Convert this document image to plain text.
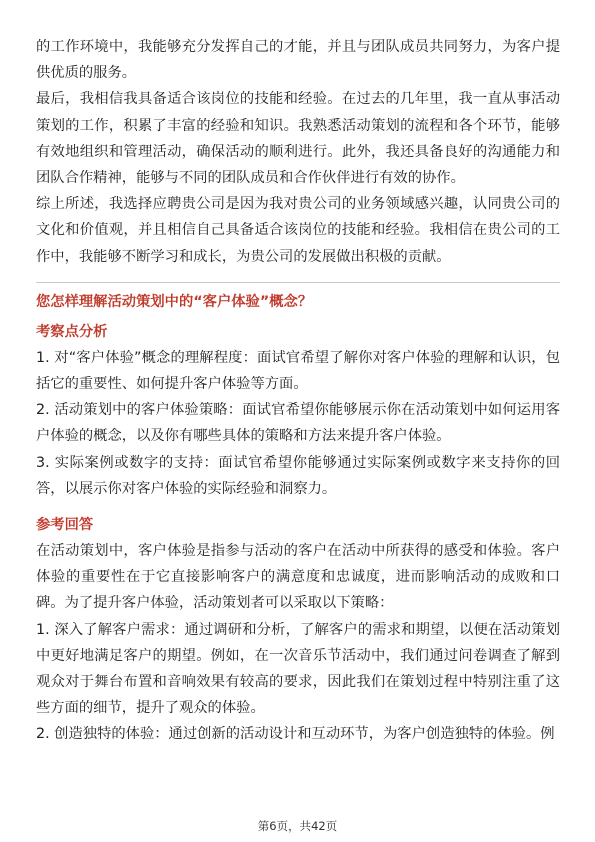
的工作环境中，我能够充分发挥自己的才能，并且与团队成员共同努力，为客户提供优质的服务。

最后，我相信我具备适合该岗位的技能和经验。在过去的几年里，我一直从事活动策划的工作，积累了丰富的经验和知识。我熟悉活动策划的流程和各个环节，能够有效地组织和管理活动，确保活动的顺利进行。此外，我还具备良好的沟通能力和团队合作精神，能够与不同的团队成员和合作伙伴进行有效的协作。

综上所述，我选择应聘贵公司是因为我对贵公司的业务领域感兴趣，认同贵公司的文化和价值观，并且相信自己具备适合该岗位的技能和经验。我相信在贵公司的工作中，我能够不断学习和成长，为贵公司的发展做出积极的贡献。

您怎样理解活动策划中的“客户体验”概念？

考察点分析

1. 对“客户体验”概念的理解程度：面试官希望了解你对客户体验的理解和认识，包括它的重要性、如何提升客户体验等方面。

2. 活动策划中的客户体验策略：面试官希望你能够展示你在活动策划中如何运用客户体验的概念，以及你有哪些具体的策略和方法来提升客户体验。

3. 实际案例或数字的支持：面试官希望你能够通过实际案例或数字来支持你的回答，以展示你对客户体验的实际经验和洞察力。

参考回答

在活动策划中，客户体验是指参与活动的客户在活动中所获得的感受和体验。客户体验的重要性在于它直接影响客户的满意度和忠诚度，进而影响活动的成败和口碑。为了提升客户体验，活动策划者可以采取以下策略：

1. 深入了解客户需求：通过调研和分析，了解客户的需求和期望，以便在活动策划中更好地满足客户的期望。例如，在一次音乐节活动中，我们通过问卷调查了解到观众对于舞台布置和音响效果有较高的要求，因此我们在策划过程中特别注重了这些方面的细节，提升了观众的体验。

2. 创造独特的体验：通过创新的活动设计和互动环节，为客户创造独特的体验。例

第6页，共42页
